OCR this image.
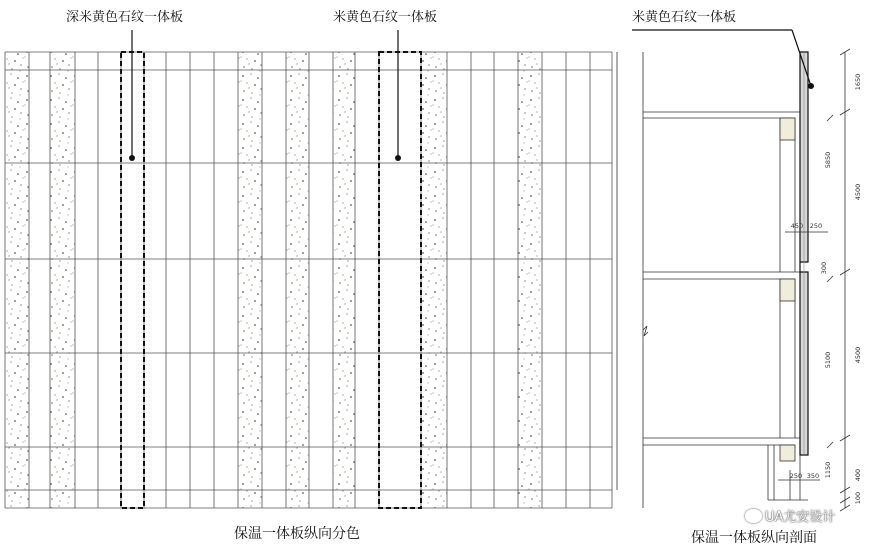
1650
5850
4500
5100	4500
1150	400
100
450 250
250 350
300
深米黄色石纹一体板	米黄色石纹一体板	米黄色石纹一体板
保温一体板纵向分色	保温一体板纵向剖面
UA尤安设计
